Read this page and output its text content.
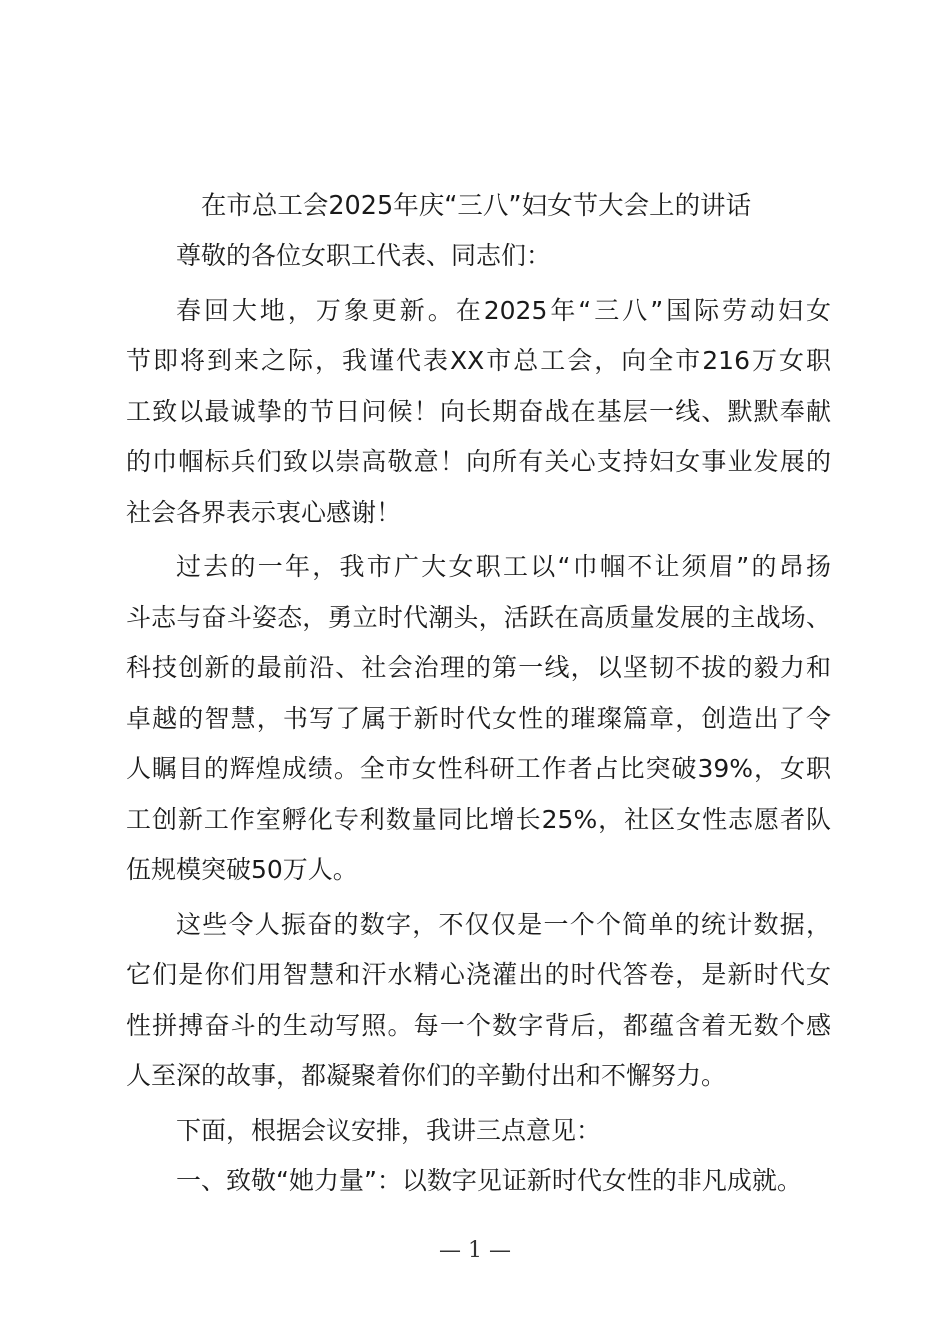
在市总工会2025年庆“三八”妇女节大会上的讲话

尊敬的各位女职工代表、同志们：

春回大地，万象更新。在2025年“三八”国际劳动妇女
节即将到来之际，我谨代表XX市总工会，向全市216万女职
工致以最诚挚的节日问候！向长期奋战在基层一线、默默奉献
的巾帼标兵们致以崇高敬意！向所有关心支持妇女事业发展的
社会各界表示衷心感谢！

过去的一年，我市广大女职工以“巾帼不让须眉”的昂扬
斗志与奋斗姿态，勇立时代潮头，活跃在高质量发展的主战场、
科技创新的最前沿、社会治理的第一线，以坚韧不拔的毅力和
卓越的智慧，书写了属于新时代女性的璀璨篇章，创造出了令
人瞩目的辉煌成绩。全市女性科研工作者占比突破39%，女职
工创新工作室孵化专利数量同比增长25%，社区女性志愿者队
伍规模突破50万人。

这些令人振奋的数字，不仅仅是一个个简单的统计数据，
它们是你们用智慧和汗水精心浇灌出的时代答卷，是新时代女
性拼搏奋斗的生动写照。每一个数字背后，都蕴含着无数个感
人至深的故事，都凝聚着你们的辛勤付出和不懈努力。

下面，根据会议安排，我讲三点意见：

一、致敬“她力量”：以数字见证新时代女性的非凡成就。

— 1 —
